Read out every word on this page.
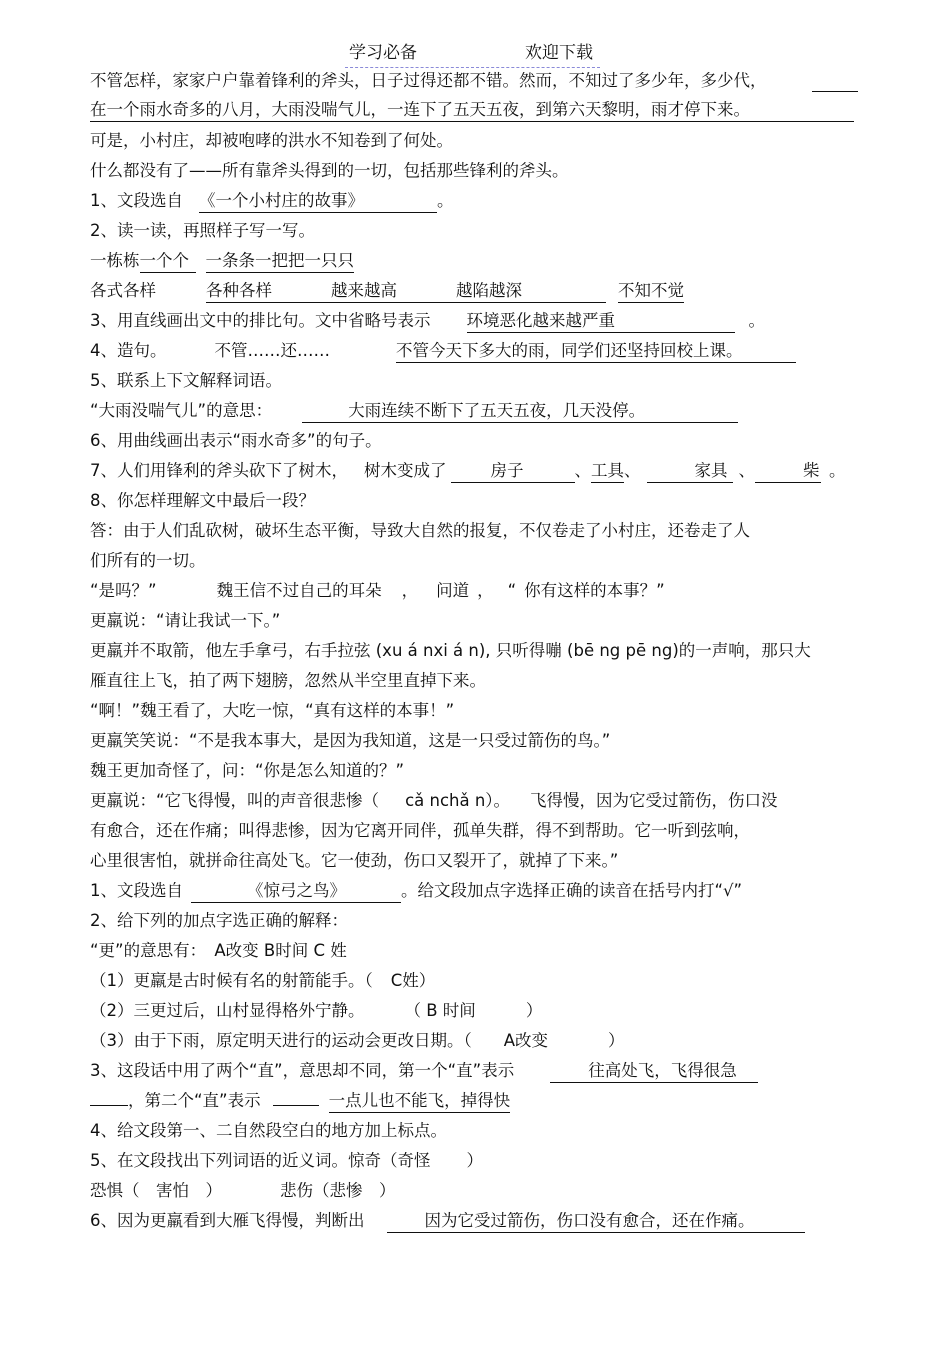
学习必备	欢迎下载
不管怎样，家家户户靠着锋利的斧头，日子过得还都不错。然而，不知过了多少年，多少代，
在一个雨水奇多的八月，大雨没喘气儿，一连下了五天五夜，到第六天黎明，雨才停下来。
可是，小村庄，却被咆哮的洪水不知卷到了何处。
什么都没有了——所有靠斧头得到的一切，包括那些锋利的斧头。
1、文段选自 《一个小村庄的故事》	。
2、读一读，再照样子写一写。
一栋栋一个个 一条条一把把一只只
各式各样	各种各样	越来越高	越陷越深	不知不觉
3、用直线画出文中的排比句。文中省略号表示 环境恶化越来越严重	。
4、造句。	不管……还……	不管今天下多大的雨，同学们还坚持回校上课。
5、联系上下文解释词语。
“大雨没喘气儿”的意思：	大雨连续不断下了五天五夜，几天没停。
6、用曲线画出表示“雨水奇多”的句子。
7、人们用锋利的斧头砍下了树木， 树木变成了	房子	、工具、	家具 、	柴 。
8、你怎样理解文中最后一段？
答：由于人们乱砍树，破坏生态平衡，导致大自然的报复，不仅卷走了小村庄，还卷走了人
们所有的一切。
“是吗？”	魏王信不过自己的耳朵 ， 问道 ， “ 你有这样的本事？”
更羸说：“请让我试一下。”
更羸并不取箭，他左手拿弓，右手拉弦 (xu á nxi á n), 只听得嘣 (bē ng pē ng)的一声响，那只大
雁直往上飞，拍了两下翅膀，忽然从半空里直掉下来。
“啊！”魏王看了，大吃一惊，“真有这样的本事！”
更羸笑笑说：“不是我本事大，是因为我知道，这是一只受过箭伤的鸟。”
魏王更加奇怪了，问：“你是怎么知道的？”
更羸说：“它飞得慢，叫的声音很悲惨（ cǎ nchǎ n）。 飞得慢，因为它受过箭伤，伤口没
有愈合，还在作痛；叫得悲惨，因为它离开同伴，孤单失群，得不到帮助。它一听到弦响，
心里很害怕，就拼命往高处飞。它一使劲，伤口又裂开了，就掉了下来。”
1、文段选自	《惊弓之鸟》	。给文段加点字选择正确的读音在括号内打“√”
2、给下列的加点字选正确的解释：
“更”的意思有：　A改变 B时间 C 姓
（1）更羸是古时候有名的射箭能手。（ C姓）
（2）三更过后，山村显得格外宁静。 （ B 时间	）
（3）由于下雨，原定明天进行的运动会更改日期。（ A改变	）
3、这段话中用了两个“直”，意思却不同，第一个“直”表示	往高处飞，飞得很急
，第二个“直”表示	一点儿也不能飞，掉得快
4、给文段第一、二自然段空白的地方加上标点。
5、在文段找出下列词语的近义词。惊奇（奇怪 ）
恐惧（　害怕　）	悲伤（悲惨　）
6、因为更羸看到大雁飞得慢，判断出	因为它受过箭伤，伤口没有愈合，还在作痛。
